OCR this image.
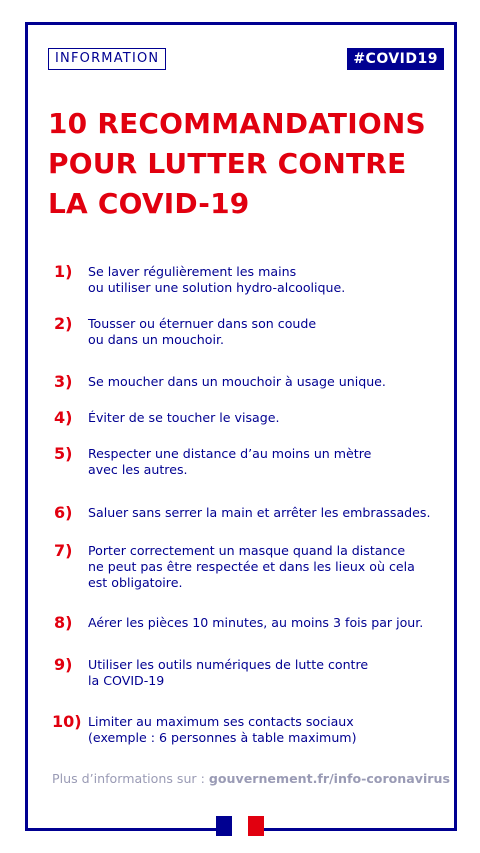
INFORMATION	#COVID19
10 RECOMMANDATIONS
POUR LUTTER CONTRE
LA COVID-19
1) Se laver régulièrement les mains
ou utiliser une solution hydro-alcoolique.
2) Tousser ou éternuer dans son coude
ou dans un mouchoir.
3) Se moucher dans un mouchoir à usage unique.
4) Éviter de se toucher le visage.
5) Respecter une distance d’au moins un mètre
avec les autres.
6) Saluer sans serrer la main et arrêter les embrassades.
7) Porter correctement un masque quand la distance
ne peut pas être respectée et dans les lieux où cela
est obligatoire.
8) Aérer les pièces 10 minutes, au moins 3 fois par jour.
9) Utiliser les outils numériques de lutte contre
la COVID-19
10) Limiter au maximum ses contacts sociaux
(exemple : 6 personnes à table maximum)
Plus d’informations sur : gouvernement.fr/info-coronavirus
